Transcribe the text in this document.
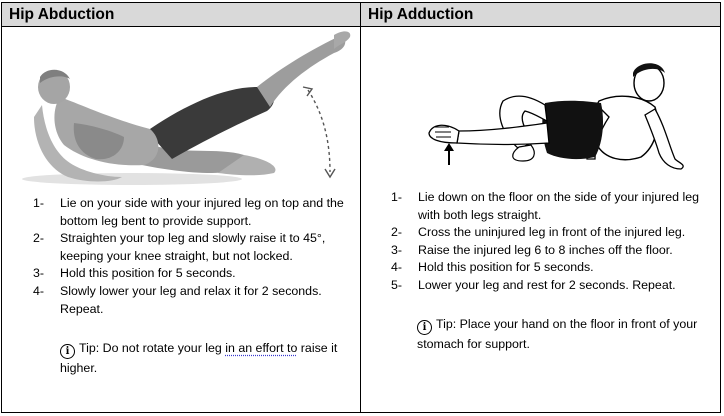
Hip Abduction
1- Lie on your side with your injured leg on top and the bottom leg bent to provide support.
2- Straighten your top leg and slowly raise it to 45°, keeping your knee straight, but not locked.
3- Hold this position for 5 seconds.
4- Slowly lower your leg and relax it for 2 seconds. Repeat.
i Tip: Do not rotate your leg in an effort to raise it higher.
Hip Adduction
1- Lie down on the floor on the side of your injured leg with both legs straight.
2- Cross the uninjured leg in front of the injured leg.
3- Raise the injured leg 6 to 8 inches off the floor.
4- Hold this position for 5 seconds.
5- Lower your leg and rest for 2 seconds. Repeat.
i Tip: Place your hand on the floor in front of your stomach for support.
